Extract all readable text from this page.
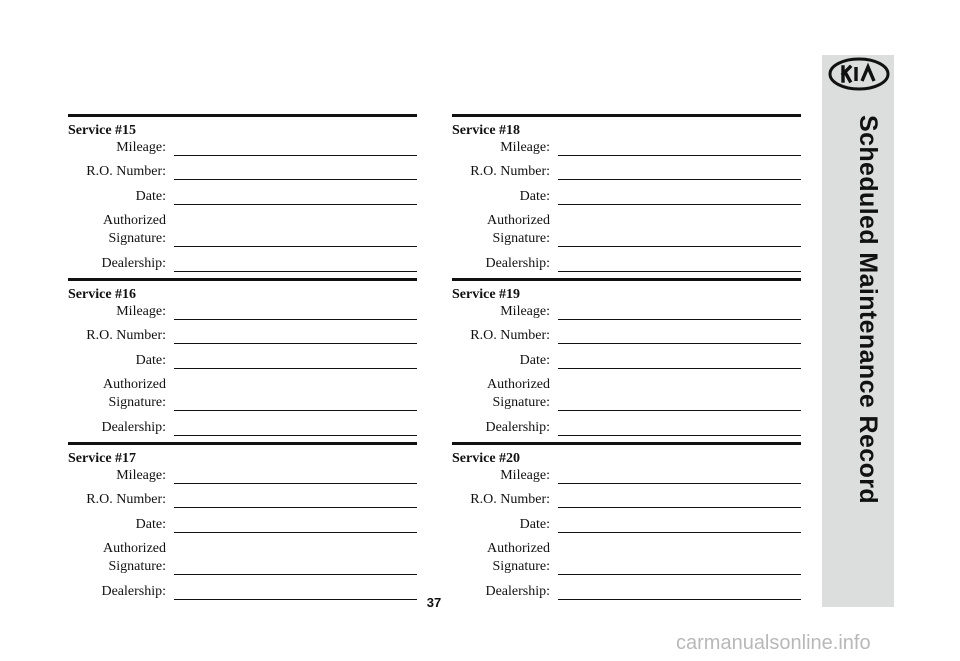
Service #15
Mileage:
R.O. Number:
Date:
Authorized
Signature:
Dealership:
Service #16
Mileage:
R.O. Number:
Date:
Authorized
Signature:
Dealership:
Service #17
Mileage:
R.O. Number:
Date:
Authorized
Signature:
Dealership:
Service #18
Mileage:
R.O. Number:
Date:
Authorized
Signature:
Dealership:
Service #19
Mileage:
R.O. Number:
Date:
Authorized
Signature:
Dealership:
Service #20
Mileage:
R.O. Number:
Date:
Authorized
Signature:
Dealership:
Scheduled Maintenance Record
37
carmanualsonline.info
